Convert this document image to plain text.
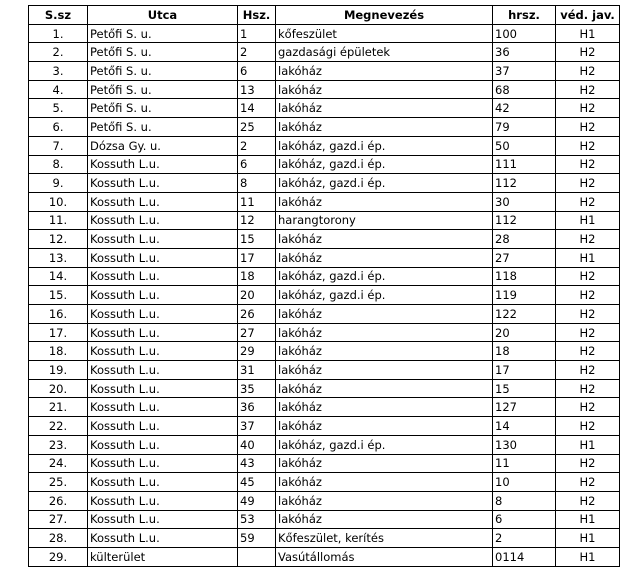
S.sz	Utca	Hsz.	Megnevezés	hrsz.	véd. jav.
1.	Petőfi S. u.	1	kőfeszület	100	H1
2.	Petőfi S. u.	2	gazdasági épületek	36	H2
3.	Petőfi S. u.	6	lakóház	37	H2
4.	Petőfi S. u.	13	lakóház	68	H2
5.	Petőfi S. u.	14	lakóház	42	H2
6.	Petőfi S. u.	25	lakóház	79	H2
7.	Dózsa Gy. u.	2	lakóház, gazd.i ép.	50	H2
8.	Kossuth L.u.	6	lakóház, gazd.i ép.	111	H2
9.	Kossuth L.u.	8	lakóház, gazd.i ép.	112	H2
10.	Kossuth L.u.	11	lakóház	30	H2
11.	Kossuth L.u.	12	harangtorony	112	H1
12.	Kossuth L.u.	15	lakóház	28	H2
13.	Kossuth L.u.	17	lakóház	27	H1
14.	Kossuth L.u.	18	lakóház, gazd.i ép.	118	H2
15.	Kossuth L.u.	20	lakóház, gazd.i ép.	119	H2
16.	Kossuth L.u.	26	lakóház	122	H2
17.	Kossuth L.u.	27	lakóház	20	H2
18.	Kossuth L.u.	29	lakóház	18	H2
19.	Kossuth L.u.	31	lakóház	17	H2
20.	Kossuth L.u.	35	lakóház	15	H2
21.	Kossuth L.u.	36	lakóház	127	H2
22.	Kossuth L.u.	37	lakóház	14	H2
23.	Kossuth L.u.	40	lakóház, gazd.i ép.	130	H1
24.	Kossuth L.u.	43	lakóház	11	H2
25.	Kossuth L.u.	45	lakóház	10	H2
26.	Kossuth L.u.	49	lakóház	8	H2
27.	Kossuth L.u.	53	lakóház	6	H1
28.	Kossuth L.u.	59	Kőfeszület, kerítés	2	H1
29.	külterület		Vasútállomás	0114	H1
